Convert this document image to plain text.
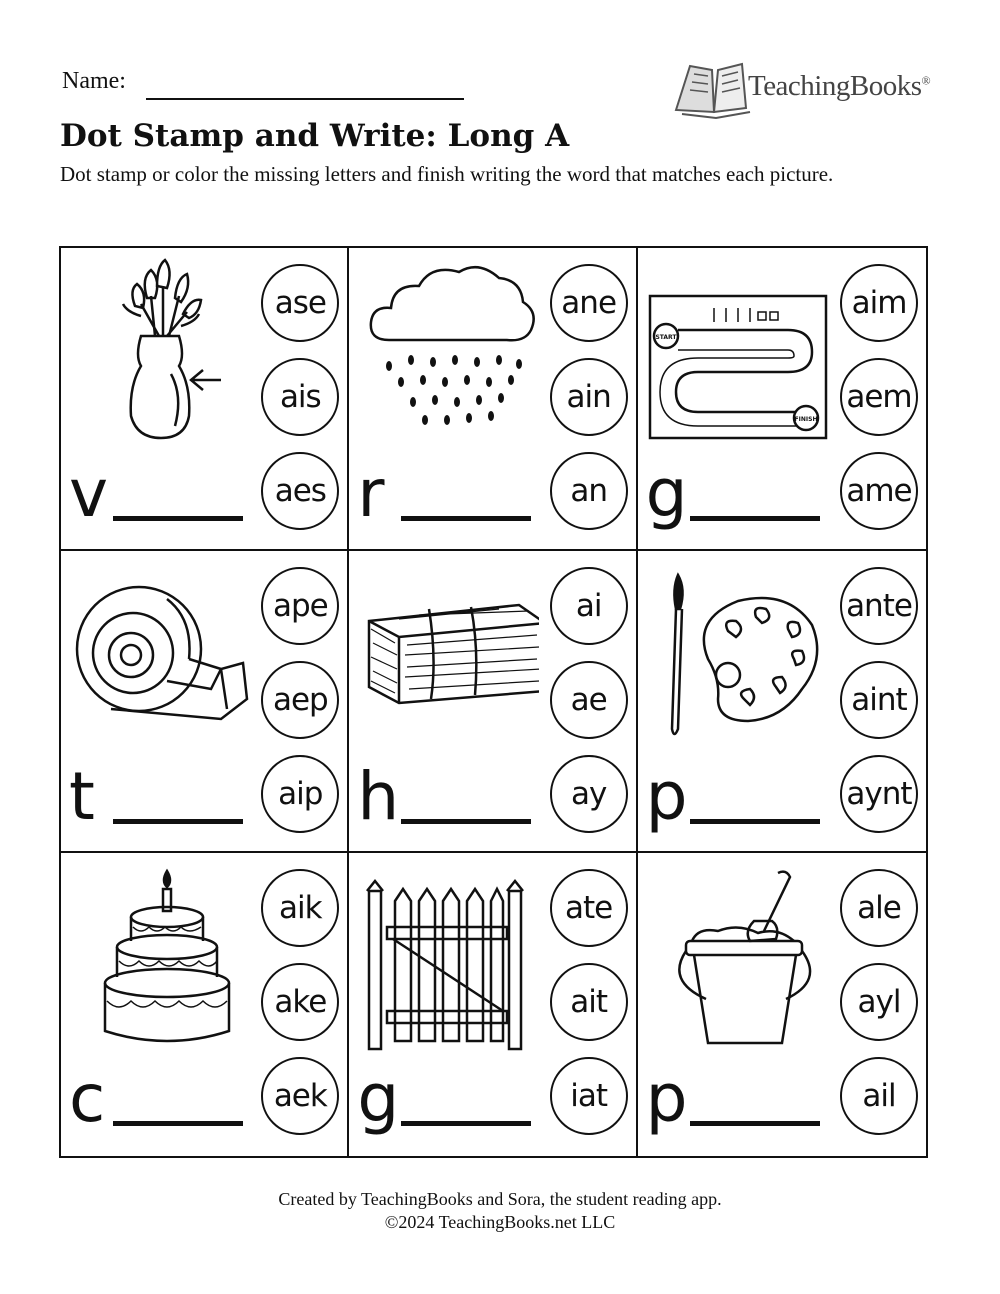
Name:	TeachingBooks®
Dot Stamp and Write: Long A

Dot stamp or color the missing letters and finish writing the word that matches each picture.

ase
ais
aes
v
ane
ain
an
r
START
FINISH
aim
aem
ame
g
ape
aep
aip
t
ai
ae
ay
h
ante
aint
aynt
p
aik
ake
aek
c
ate
ait
iat
g
ale
ayl
ail
p
Created by TeachingBooks and Sora, the student reading app.
©2024 TeachingBooks.net LLC
